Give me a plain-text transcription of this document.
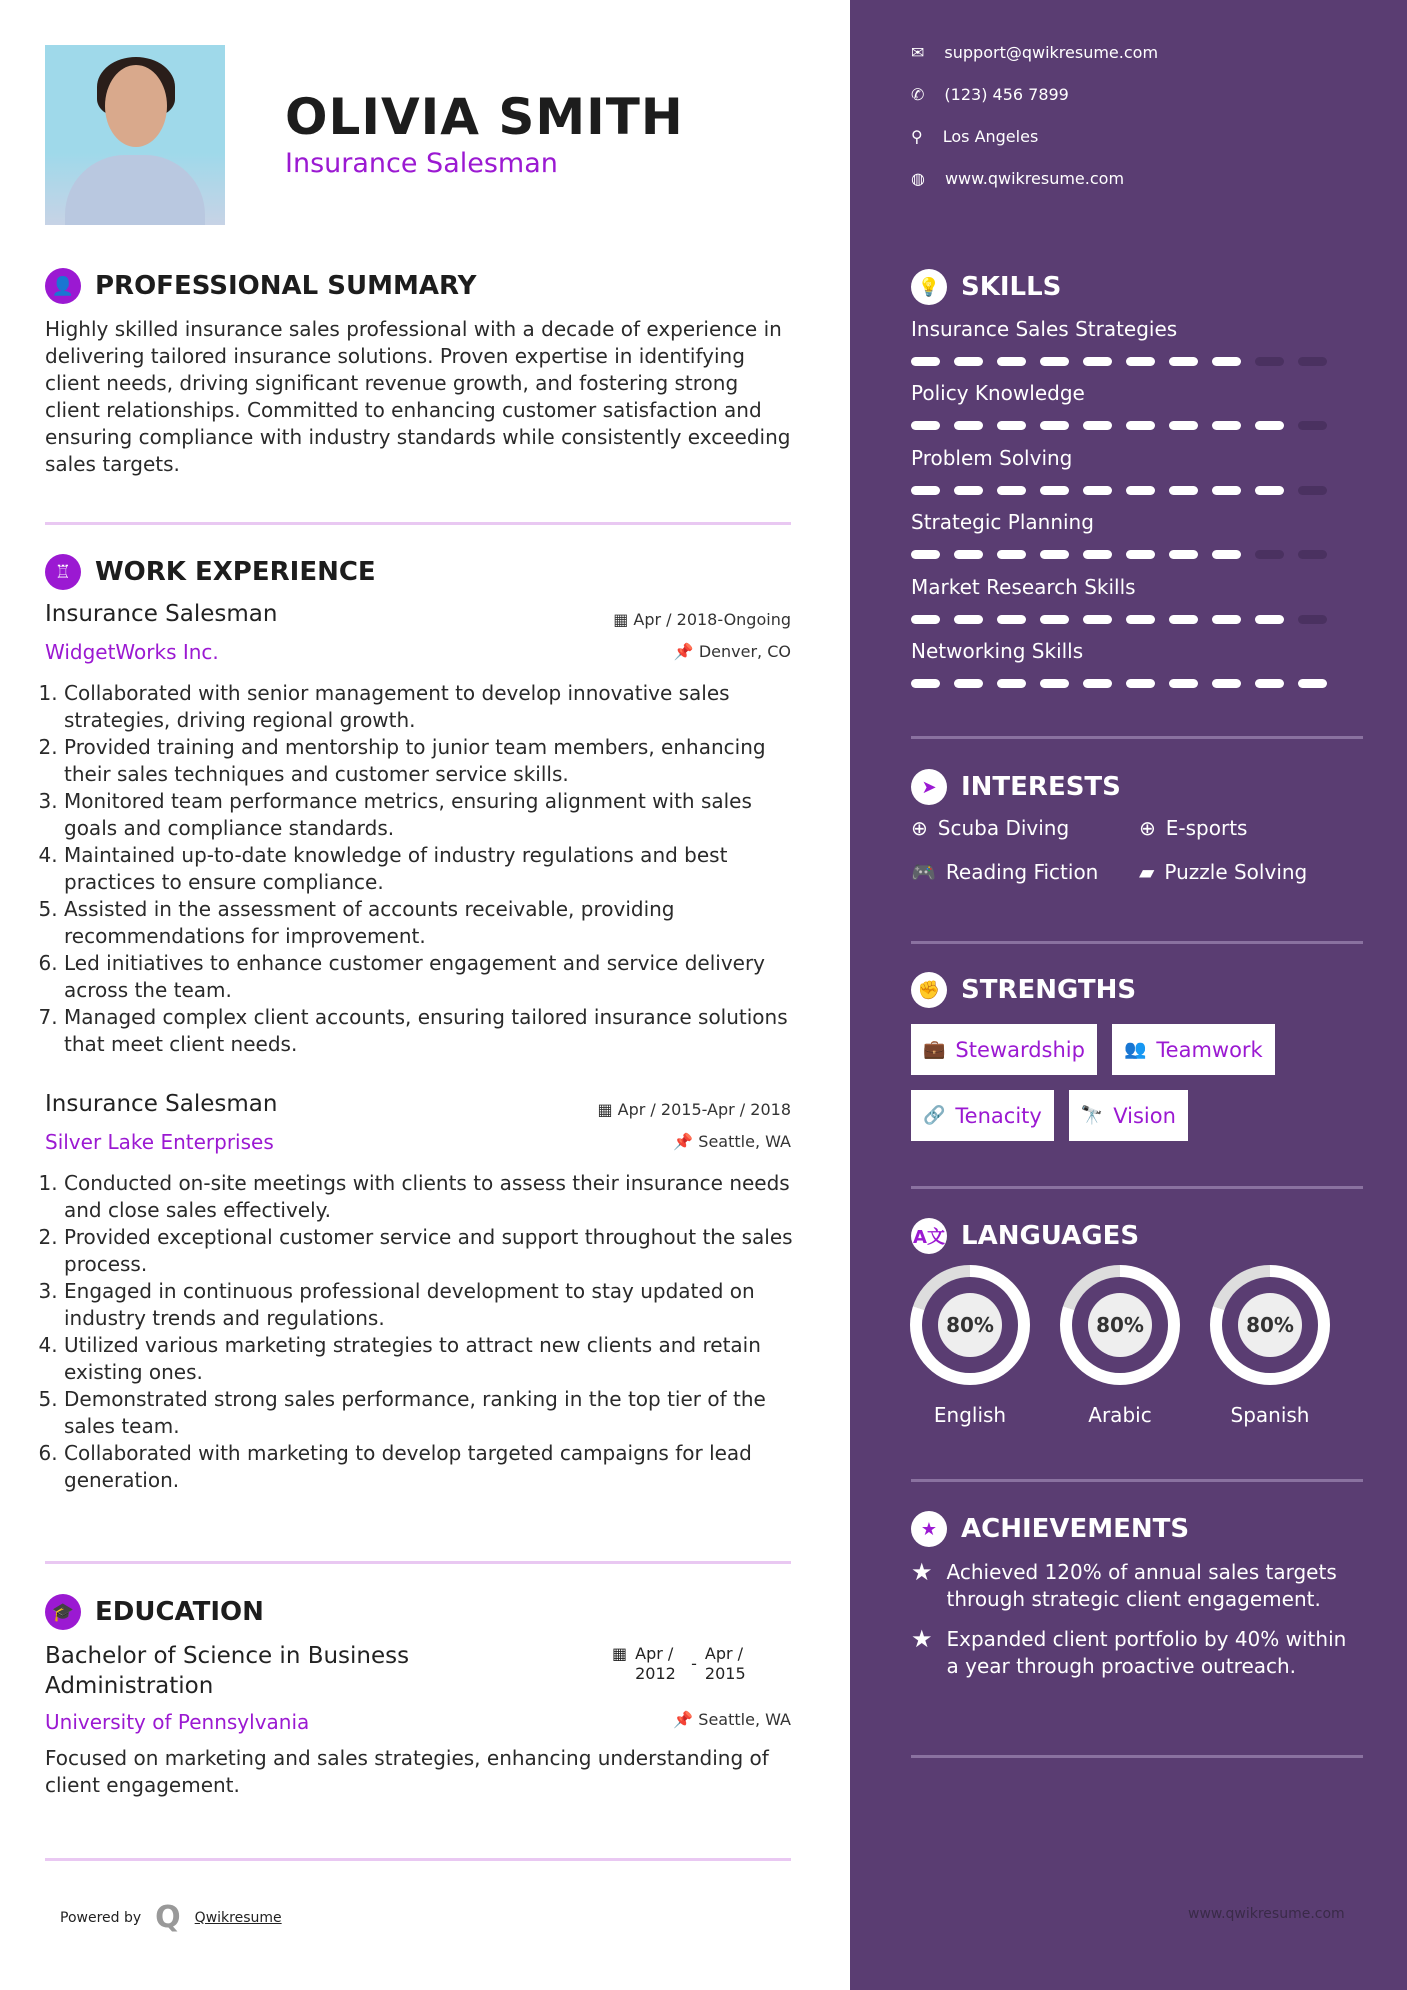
OLIVIA SMITH
Insurance Salesman
👤 PROFESSIONAL SUMMARY
Highly skilled insurance sales professional with a decade of experience in delivering tailored insurance solutions. Proven expertise in identifying client needs, driving significant revenue growth, and fostering strong client relationships. Committed to enhancing customer satisfaction and ensuring compliance with industry standards while consistently exceeding sales targets.
♖ WORK EXPERIENCE
Insurance Salesman	▦ Apr / 2018-Ongoing
WidgetWorks Inc.	📌 Denver, CO
1. Collaborated with senior management to develop innovative sales strategies, driving regional growth.
2. Provided training and mentorship to junior team members, enhancing their sales techniques and customer service skills.
3. Monitored team performance metrics, ensuring alignment with sales goals and compliance standards.
4. Maintained up-to-date knowledge of industry regulations and best practices to ensure compliance.
5. Assisted in the assessment of accounts receivable, providing recommendations for improvement.
6. Led initiatives to enhance customer engagement and service delivery across the team.
7. Managed complex client accounts, ensuring tailored insurance solutions that meet client needs.
Insurance Salesman	▦ Apr / 2015-Apr / 2018
Silver Lake Enterprises	📌 Seattle, WA
1. Conducted on-site meetings with clients to assess their insurance needs and close sales effectively.
2. Provided exceptional customer service and support throughout the sales process.
3. Engaged in continuous professional development to stay updated on industry trends and regulations.
4. Utilized various marketing strategies to attract new clients and retain existing ones.
5. Demonstrated strong sales performance, ranking in the top tier of the sales team.
6. Collaborated with marketing to develop targeted campaigns for lead generation.
🎓 EDUCATION
Bachelor of Science in Business Administration
▦ Apr / 2012
-
Apr / 2015
University of Pennsylvania	📌 Seattle, WA
Focused on marketing and sales strategies, enhancing understanding of client engagement.
Powered by Q Qwikresume	www.qwikresume.com
✉ support@qwikresume.com
✆ (123) 456 7899
⚲ Los Angeles
◍ www.qwikresume.com
💡 SKILLS
Insurance Sales Strategies
Policy Knowledge
Problem Solving
Strategic Planning
Market Research Skills
Networking Skills
➤ INTERESTS
⊕ Scuba Diving	⊕ E-sports
🎮 Reading Fiction ▰ Puzzle Solving
✊ STRENGTHS
💼 Stewardship 👥 Teamwork
🔗 Tenacity 🔭 Vision
A文 LANGUAGES
80%
English
80%
Arabic
80%
Spanish
★ ACHIEVEMENTS
★ Achieved 120% of annual sales targets through strategic client engagement.
★ Expanded client portfolio by 40% within a year through proactive outreach.
